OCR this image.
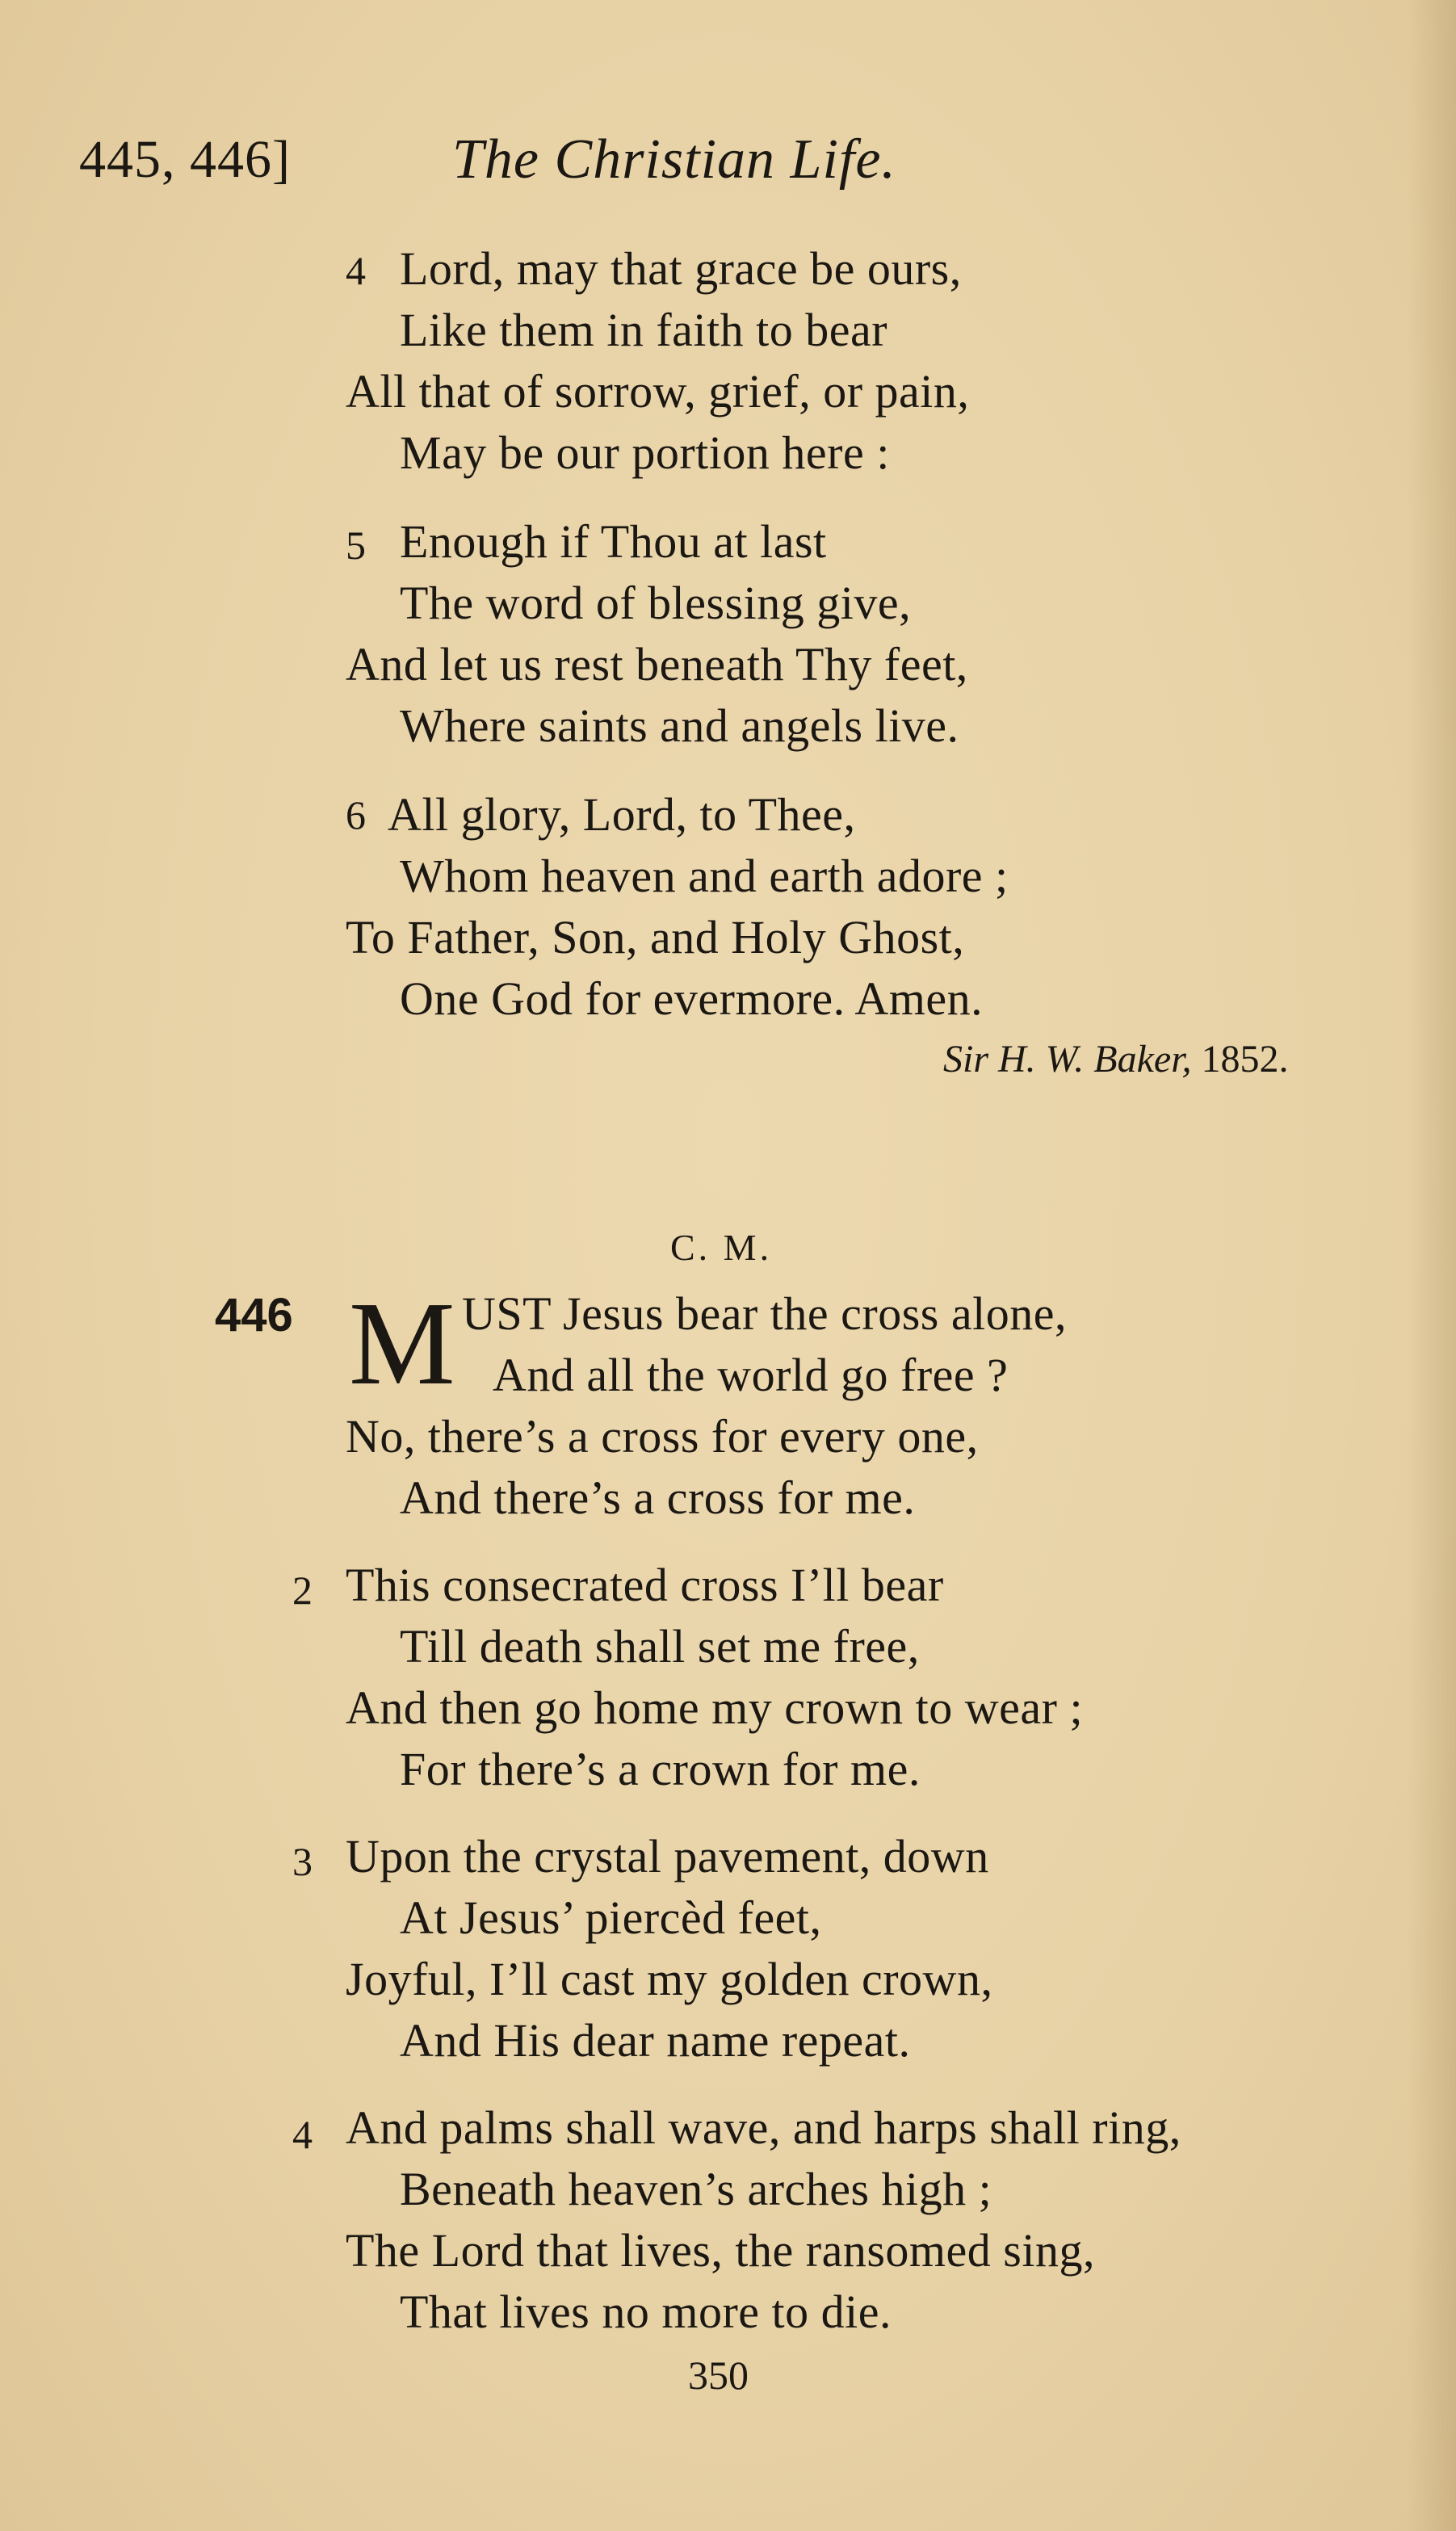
445, 446]	The Christian Life.
4 Lord, may that grace be ours,
Like them in faith to bear
All that of sorrow, grief, or pain,
May be our portion here :
5 Enough if Thou at last
The word of blessing give,
And let us rest beneath Thy feet,
Where saints and angels live.
6 All glory, Lord, to Thee,
Whom heaven and earth adore ;
To Father, Son, and Holy Ghost,
One God for evermore. Amen.
Sir H. W. Baker, 1852.
C. M.
446 M UST Jesus bear the cross alone,
And all the world go free ?
No, there’s a cross for every one,
And there’s a cross for me.
2 This consecrated cross I’ll bear
Till death shall set me free,
And then go home my crown to wear ;
For there’s a crown for me.
3 Upon the crystal pavement, down
At Jesus’ piercèd feet,
Joyful, I’ll cast my golden crown,
And His dear name repeat.
4 And palms shall wave, and harps shall ring,
Beneath heaven’s arches high ;
The Lord that lives, the ransomed sing,
That lives no more to die.
350
